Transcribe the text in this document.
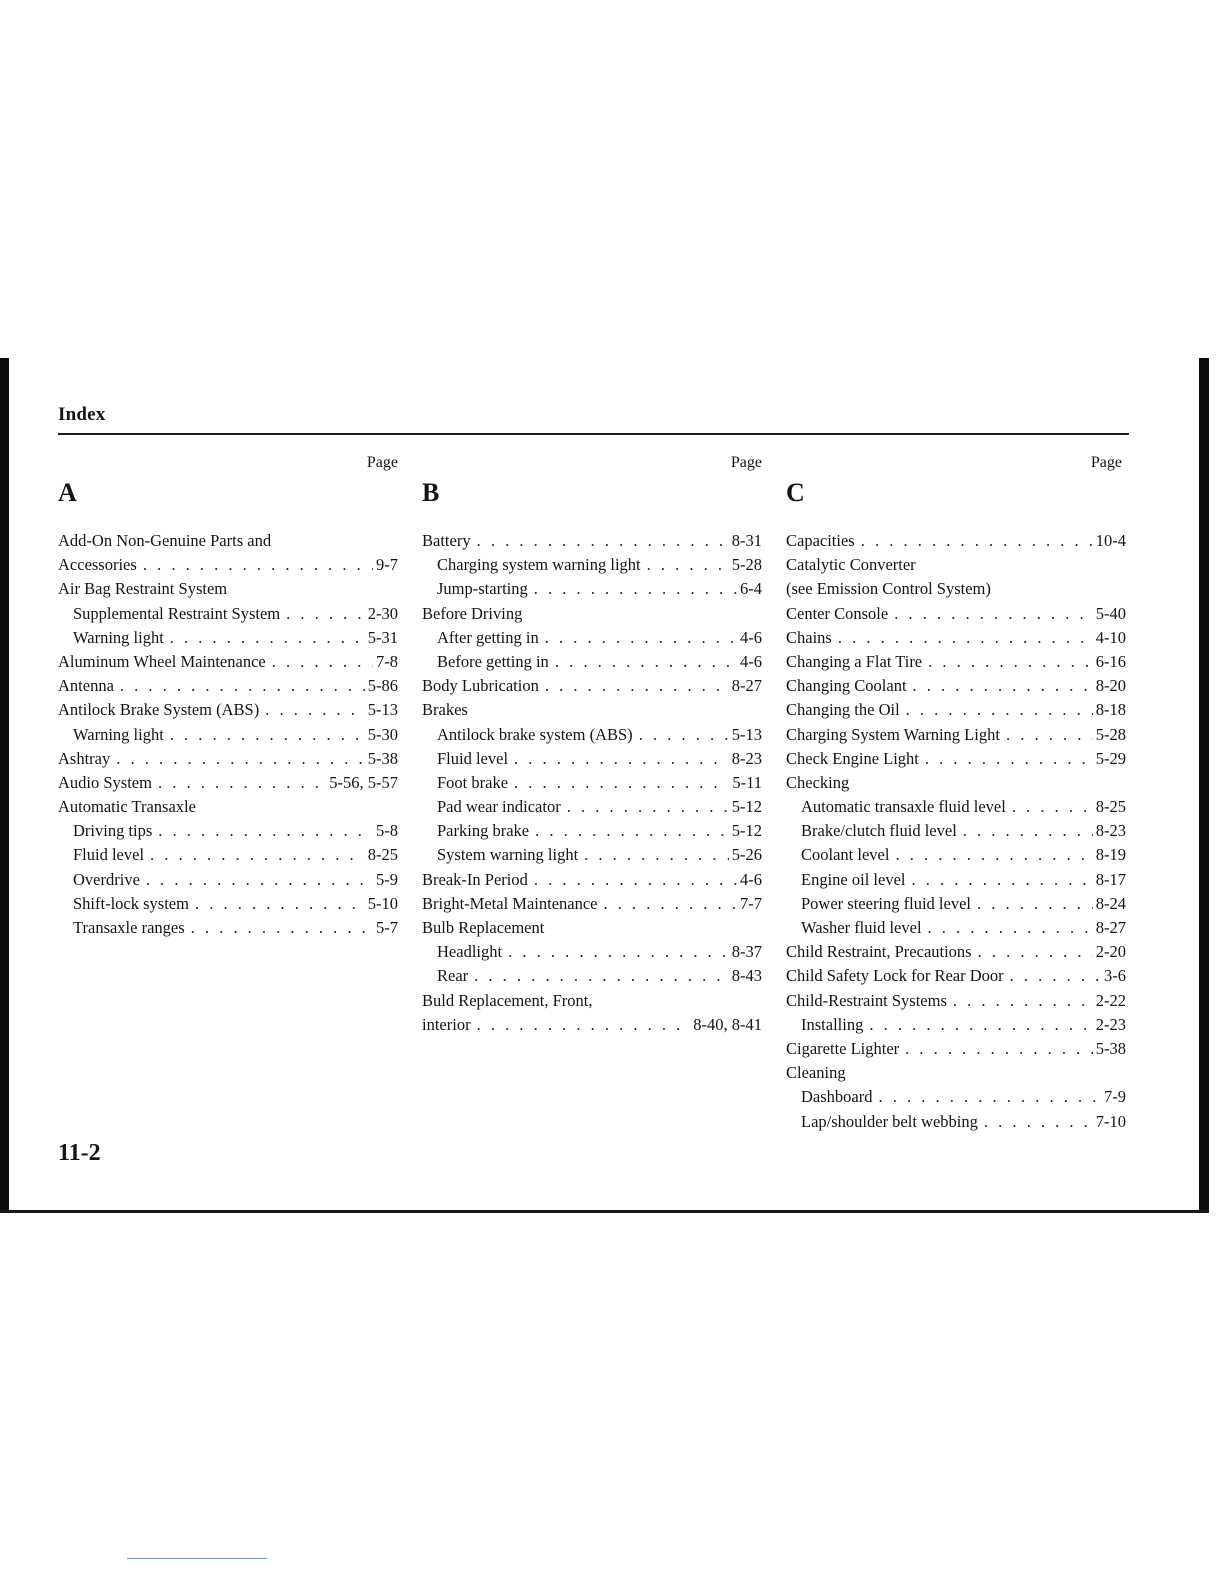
Index
Page
A
Add-On Non-Genuine Parts and
Accessories . . .	9-7
Air Bag Restraint System
Supplemental Restraint System . . .	2-30
Warning light . . .	5-31
Aluminum Wheel Maintenance . . .	7-8
Antenna . . .	5-86
Antilock Brake System (ABS) . . .	5-13
Warning light . . .	5-30
Ashtray . . .	5-38
Audio System . . .	5-56, 5-57
Automatic Transaxle
Driving tips . . .	5-8
Fluid level . . .	8-25
Overdrive . . .	5-9
Shift-lock system . . .	5-10
Transaxle ranges . . .	5-7
Page
B
Battery . . .	8-31
Charging system warning light . . .	5-28
Jump-starting . . .	6-4
Before Driving
After getting in . . .	4-6
Before getting in . . .	4-6
Body Lubrication . . .	8-27
Brakes
Antilock brake system (ABS) . . .	5-13
Fluid level . . .	8-23
Foot brake . . .	5-11
Pad wear indicator . . .	5-12
Parking brake . . .	5-12
System warning light . . .	5-26
Break-In Period . . .	4-6
Bright-Metal Maintenance . . .	7-7
Bulb Replacement
Headlight . . .	8-37
Rear . . .	8-43
Buld Replacement, Front,
interior . . .	8-40, 8-41
Page
C
Capacities . . .	10-4
Catalytic Converter
(see Emission Control System)
Center Console . . .	5-40
Chains . . .	4-10
Changing a Flat Tire . . .	6-16
Changing Coolant . . .	8-20
Changing the Oil . . .	8-18
Charging System Warning Light . . .	5-28
Check Engine Light . . .	5-29
Checking
Automatic transaxle fluid level . . .	8-25
Brake/clutch fluid level . . .	8-23
Coolant level . . .	8-19
Engine oil level . . .	8-17
Power steering fluid level . . .	8-24
Washer fluid level . . .	8-27
Child Restraint, Precautions . . .	2-20
Child Safety Lock for Rear Door . . .	3-6
Child-Restraint Systems . . .	2-22
Installing . . .	2-23
Cigarette Lighter . . .	5-38
Cleaning
Dashboard . . .	7-9
Lap/shoulder belt webbing . . .	7-10
11-2
